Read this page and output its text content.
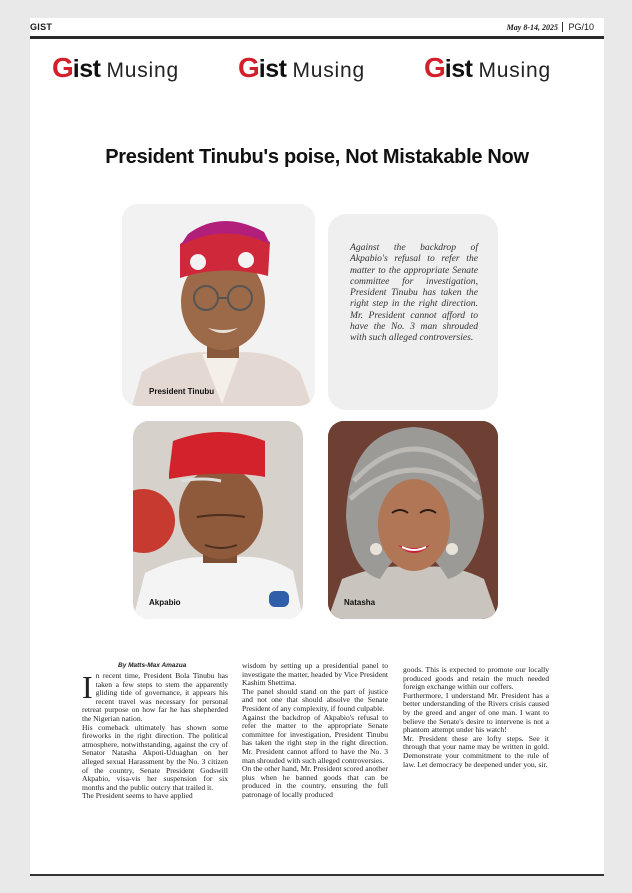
GIST	May 8-14, 2025	PG/10
G ist Musing G ist Musing G ist Musing
President Tinubu's poise, Not Mistakable Now
President Tinubu

Against the backdrop of Akpabio's refusal to refer the matter to the appropriate Senate committee for investigation, President Tinubu has taken the right step in the right direction. Mr. President cannot afford to have the No. 3 man shrouded with such alleged controversies.

Akpabio	Natasha
By Matts-Max Amazua

In recent time, President Bola Tinubu has taken a few steps to stem the apparently gliding tide of governance, it appears his recent travel was necessary for personal retreat purpose on how far he has shepherded the Nigerian nation.

His comeback ultimately has shown some fireworks in the right direction. The political atmosphere, notwithstanding, against the cry of Senator Natasha Akpoti-Uduaghan on her alleged sexual Harassment by the No. 3 citizen of the country, Senate President Godswill Akpabio, visa-vis her suspension for six months and the public outcry that trailed it.

The President seems to have applied

wisdom by setting up a presidential panel to investigate the matter, headed by Vice President Kashim Shettima.

The panel should stand on the part of justice and not one that should absolve the Senate President of any complexity, if found culpable.

Against the backdrop of Akpabio's refusal to refer the matter to the appropriate Senate committee for investigation, President Tinubu has taken the right step in the right direction. Mr. President cannot afford to have the No. 3 man shrouded with such alleged controversies.

On the other hand, Mr. President scored another plus when he banned goods that can be produced in the country, ensuring the full patronage of locally produced

goods. This is expected to promote our locally produced goods and retain the much needed foreign exchange within our coffers.

Furthermore, I understand Mr. President has a better understanding of the Rivers crisis caused by the greed and anger of one man. I want to believe the Senate's desire to intervene is not a phantom attempt under his watch!

Mr. President these are lofty steps. See it through that your name may be written in gold. Demonstrate your commitment to the rule of law. Let democracy be deepened under you, sir.
